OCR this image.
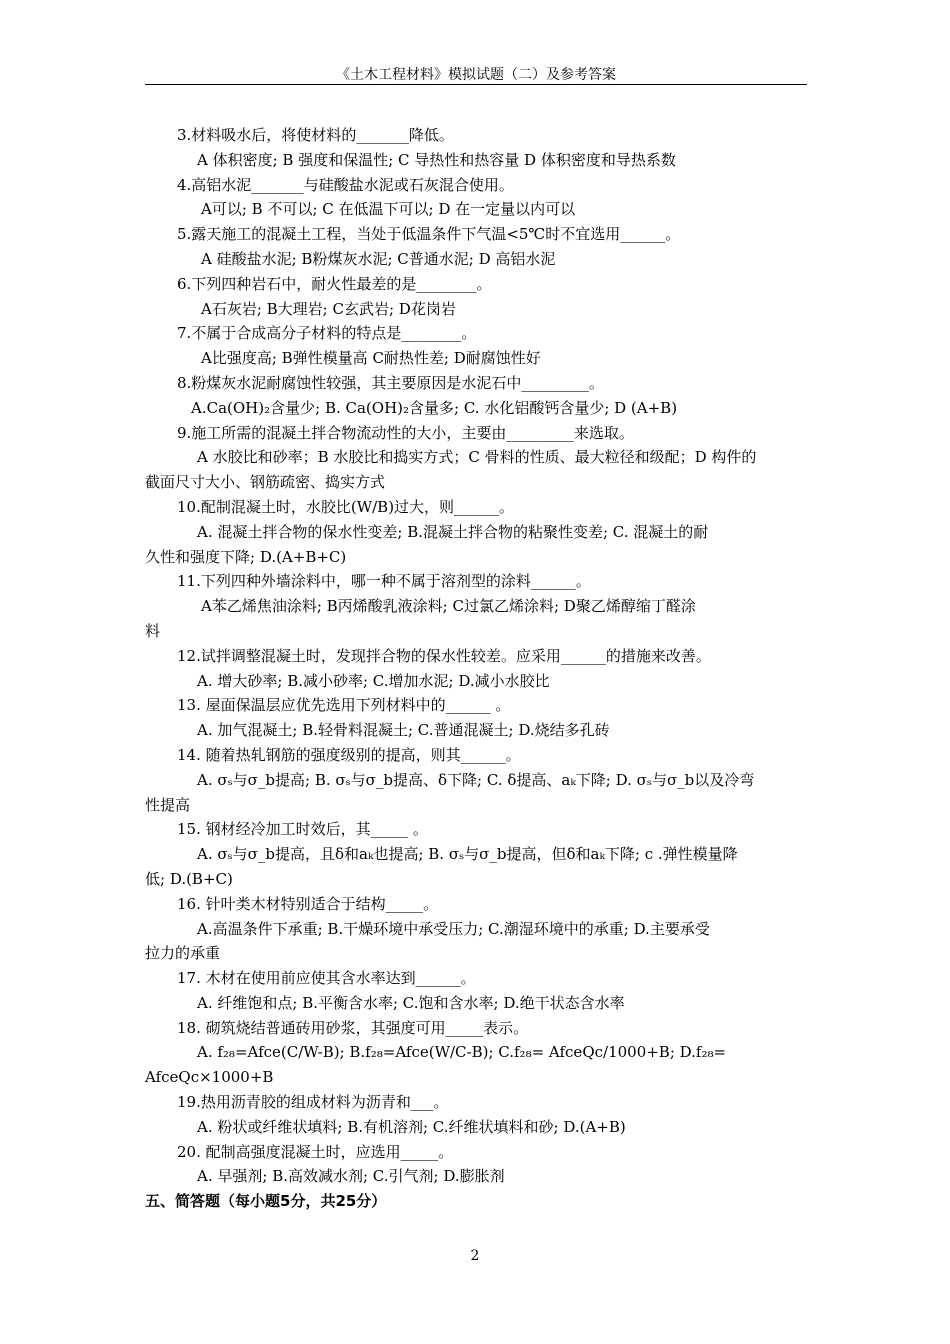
《土木工程材料》模拟试题（二）及参考答案
3.材料吸水后，将使材料的_______降低。
A 体积密度; B 强度和保温性; C 导热性和热容量 D 体积密度和导热系数
4.高铝水泥_______与硅酸盐水泥或石灰混合使用。
A可以; B 不可以; C 在低温下可以; D 在一定量以内可以
5.露天施工的混凝土工程，当处于低温条件下气温<5℃时不宜选用______。
A 硅酸盐水泥; B粉煤灰水泥; C普通水泥; D 高铝水泥
6.下列四种岩石中，耐火性最差的是________。
A石灰岩; B大理岩; C玄武岩; D花岗岩
7.不属于合成高分子材料的特点是________。
A比强度高; B弹性模量高 C耐热性差; D耐腐蚀性好
8.粉煤灰水泥耐腐蚀性较强，其主要原因是水泥石中_________。
A.Ca(OH)₂含量少; B. Ca(OH)₂含量多; C. 水化铝酸钙含量少; D (A+B)
9.施工所需的混凝土拌合物流动性的大小，主要由_________来选取。
A 水胶比和砂率；B 水胶比和捣实方式；C 骨料的性质、最大粒径和级配；D 构件的
截面尺寸大小、钢筋疏密、捣实方式
10.配制混凝土时，水胶比(W/B)过大，则______。
A. 混凝土拌合物的保水性变差; B.混凝土拌合物的粘聚性变差; C. 混凝土的耐
久性和强度下降; D.(A+B+C)
11.下列四种外墙涂料中，哪一种不属于溶剂型的涂料______。
A苯乙烯焦油涂料; B丙烯酸乳液涂料; C过氯乙烯涂料; D聚乙烯醇缩丁醛涂
料
12.试拌调整混凝土时，发现拌合物的保水性较差。应采用______的措施来改善。
A. 增大砂率; B.减小砂率; C.增加水泥; D.减小水胶比
13. 屋面保温层应优先选用下列材料中的______ 。
A. 加气混凝土; B.轻骨料混凝土; C.普通混凝土; D.烧结多孔砖
14. 随着热轧钢筋的强度级别的提高，则其______。
A. σₛ与σ_b提高; B. σₛ与σ_b提高、δ下降; C. δ提高、aₖ下降; D. σₛ与σ_b以及冷弯
性提高
15. 钢材经冷加工时效后，其_____ 。
A. σₛ与σ_b提高，且δ和aₖ也提高; B. σₛ与σ_b提高，但δ和aₖ下降; c .弹性模量降
低; D.(B+C)
16. 针叶类木材特别适合于结构_____。
A.高温条件下承重; B.干燥环境中承受压力; C.潮湿环境中的承重; D.主要承受
拉力的承重
17. 木材在使用前应使其含水率达到______。
A. 纤维饱和点; B.平衡含水率; C.饱和含水率; D.绝干状态含水率
18. 砌筑烧结普通砖用砂浆，其强度可用_____表示。
A. f₂₈=Afce(C/W-B); B.f₂₈=Afce(W/C-B); C.f₂₈= AfceQc/1000+B; D.f₂₈=
AfceQc×1000+B
19.热用沥青胶的组成材料为沥青和___。
A. 粉状或纤维状填料; B.有机溶剂; C.纤维状填料和砂; D.(A+B)
20. 配制高强度混凝土时，应选用_____。
A. 早强剂; B.高效减水剂; C.引气剂; D.膨胀剂
五、简答题（每小题5分，共25分）
2
